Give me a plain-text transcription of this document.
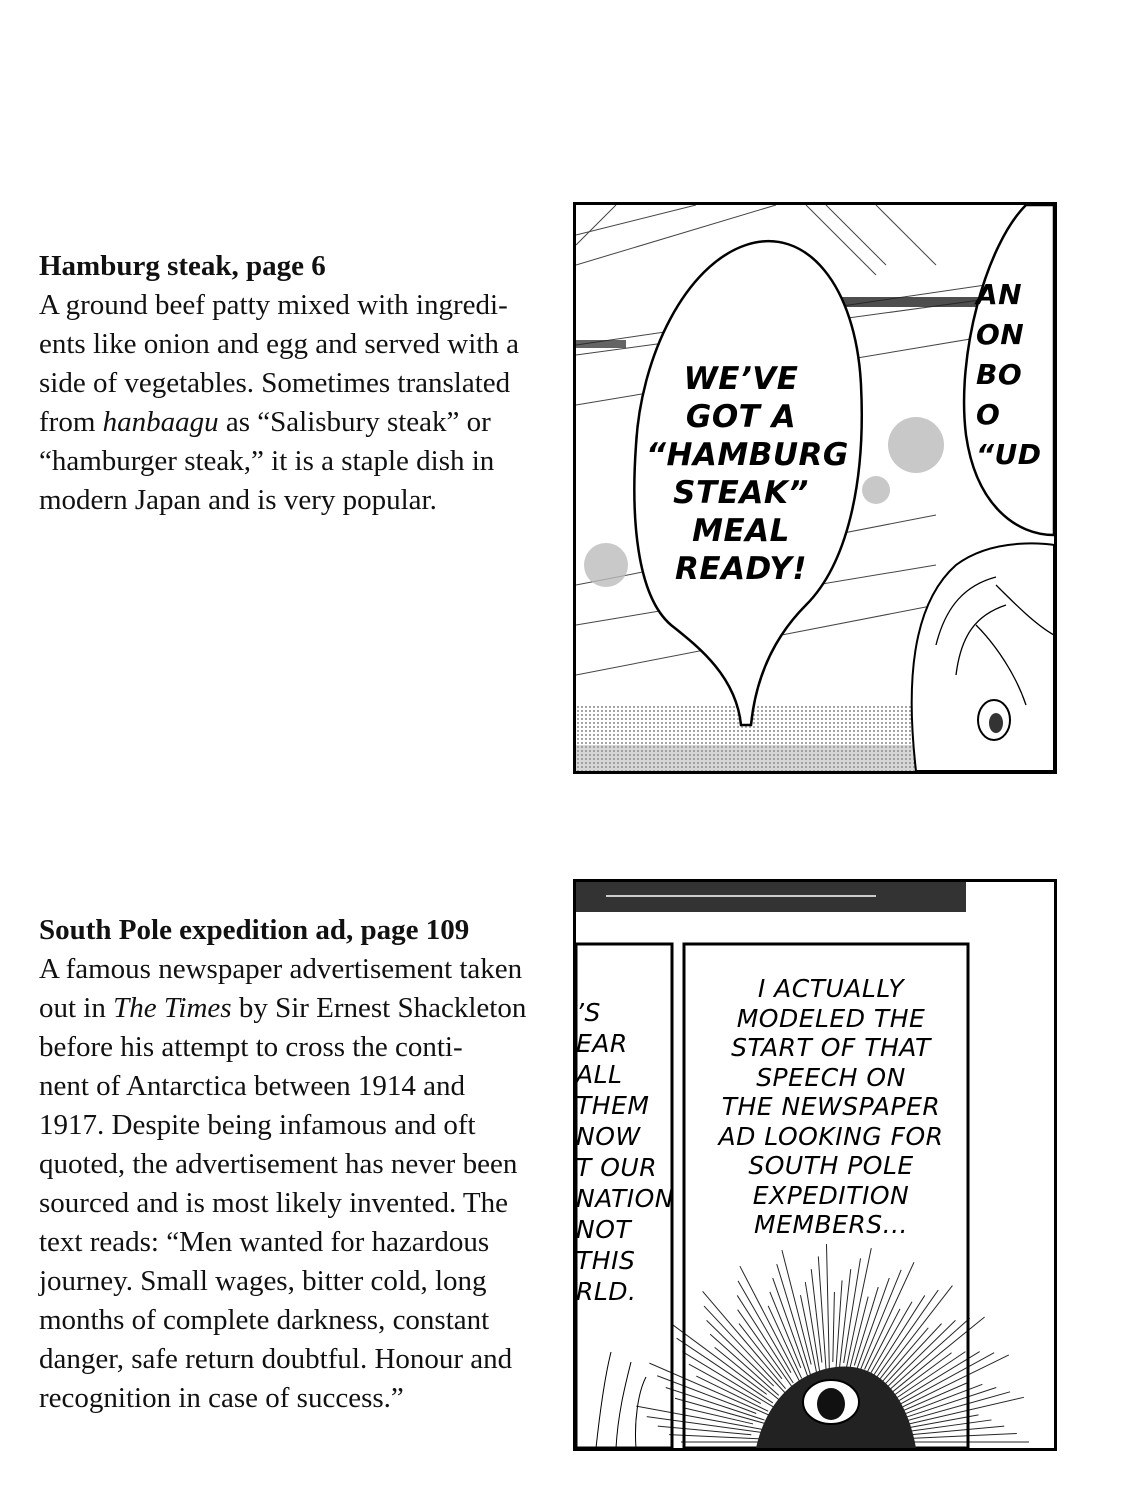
Hamburg steak, page 6

A ground beef patty mixed with ingredi-
ents like onion and egg and served with a
side of vegetables. Sometimes translated
from hanbaagu as “Salisbury steak” or
“hamburger steak,” it is a staple dish in
modern Japan and is very popular.

WE’VE
GOT A
“HAMBURG
STEAK”
MEAL
READY!
AN
ON
BO
O
“UD

South Pole expedition ad, page 109

A famous newspaper advertisement taken
out in The Times by Sir Ernest Shackleton
before his attempt to cross the conti-
nent of Antarctica between 1914 and
1917. Despite being infamous and oft
quoted, the advertisement has never been
sourced and is most likely invented. The
text reads: “Men wanted for hazardous
journey. Small wages, bitter cold, long
months of complete darkness, constant
danger, safe return doubtful. Honour and
recognition in case of success.”

I ACTUALLY
MODELED THE
START OF THAT
SPEECH ON
THE NEWSPAPER
AD LOOKING FOR
SOUTH POLE
EXPEDITION
MEMBERS...
’S
EAR
ALL
THEM
NOW
T OUR
NATION
NOT
THIS
RLD.
